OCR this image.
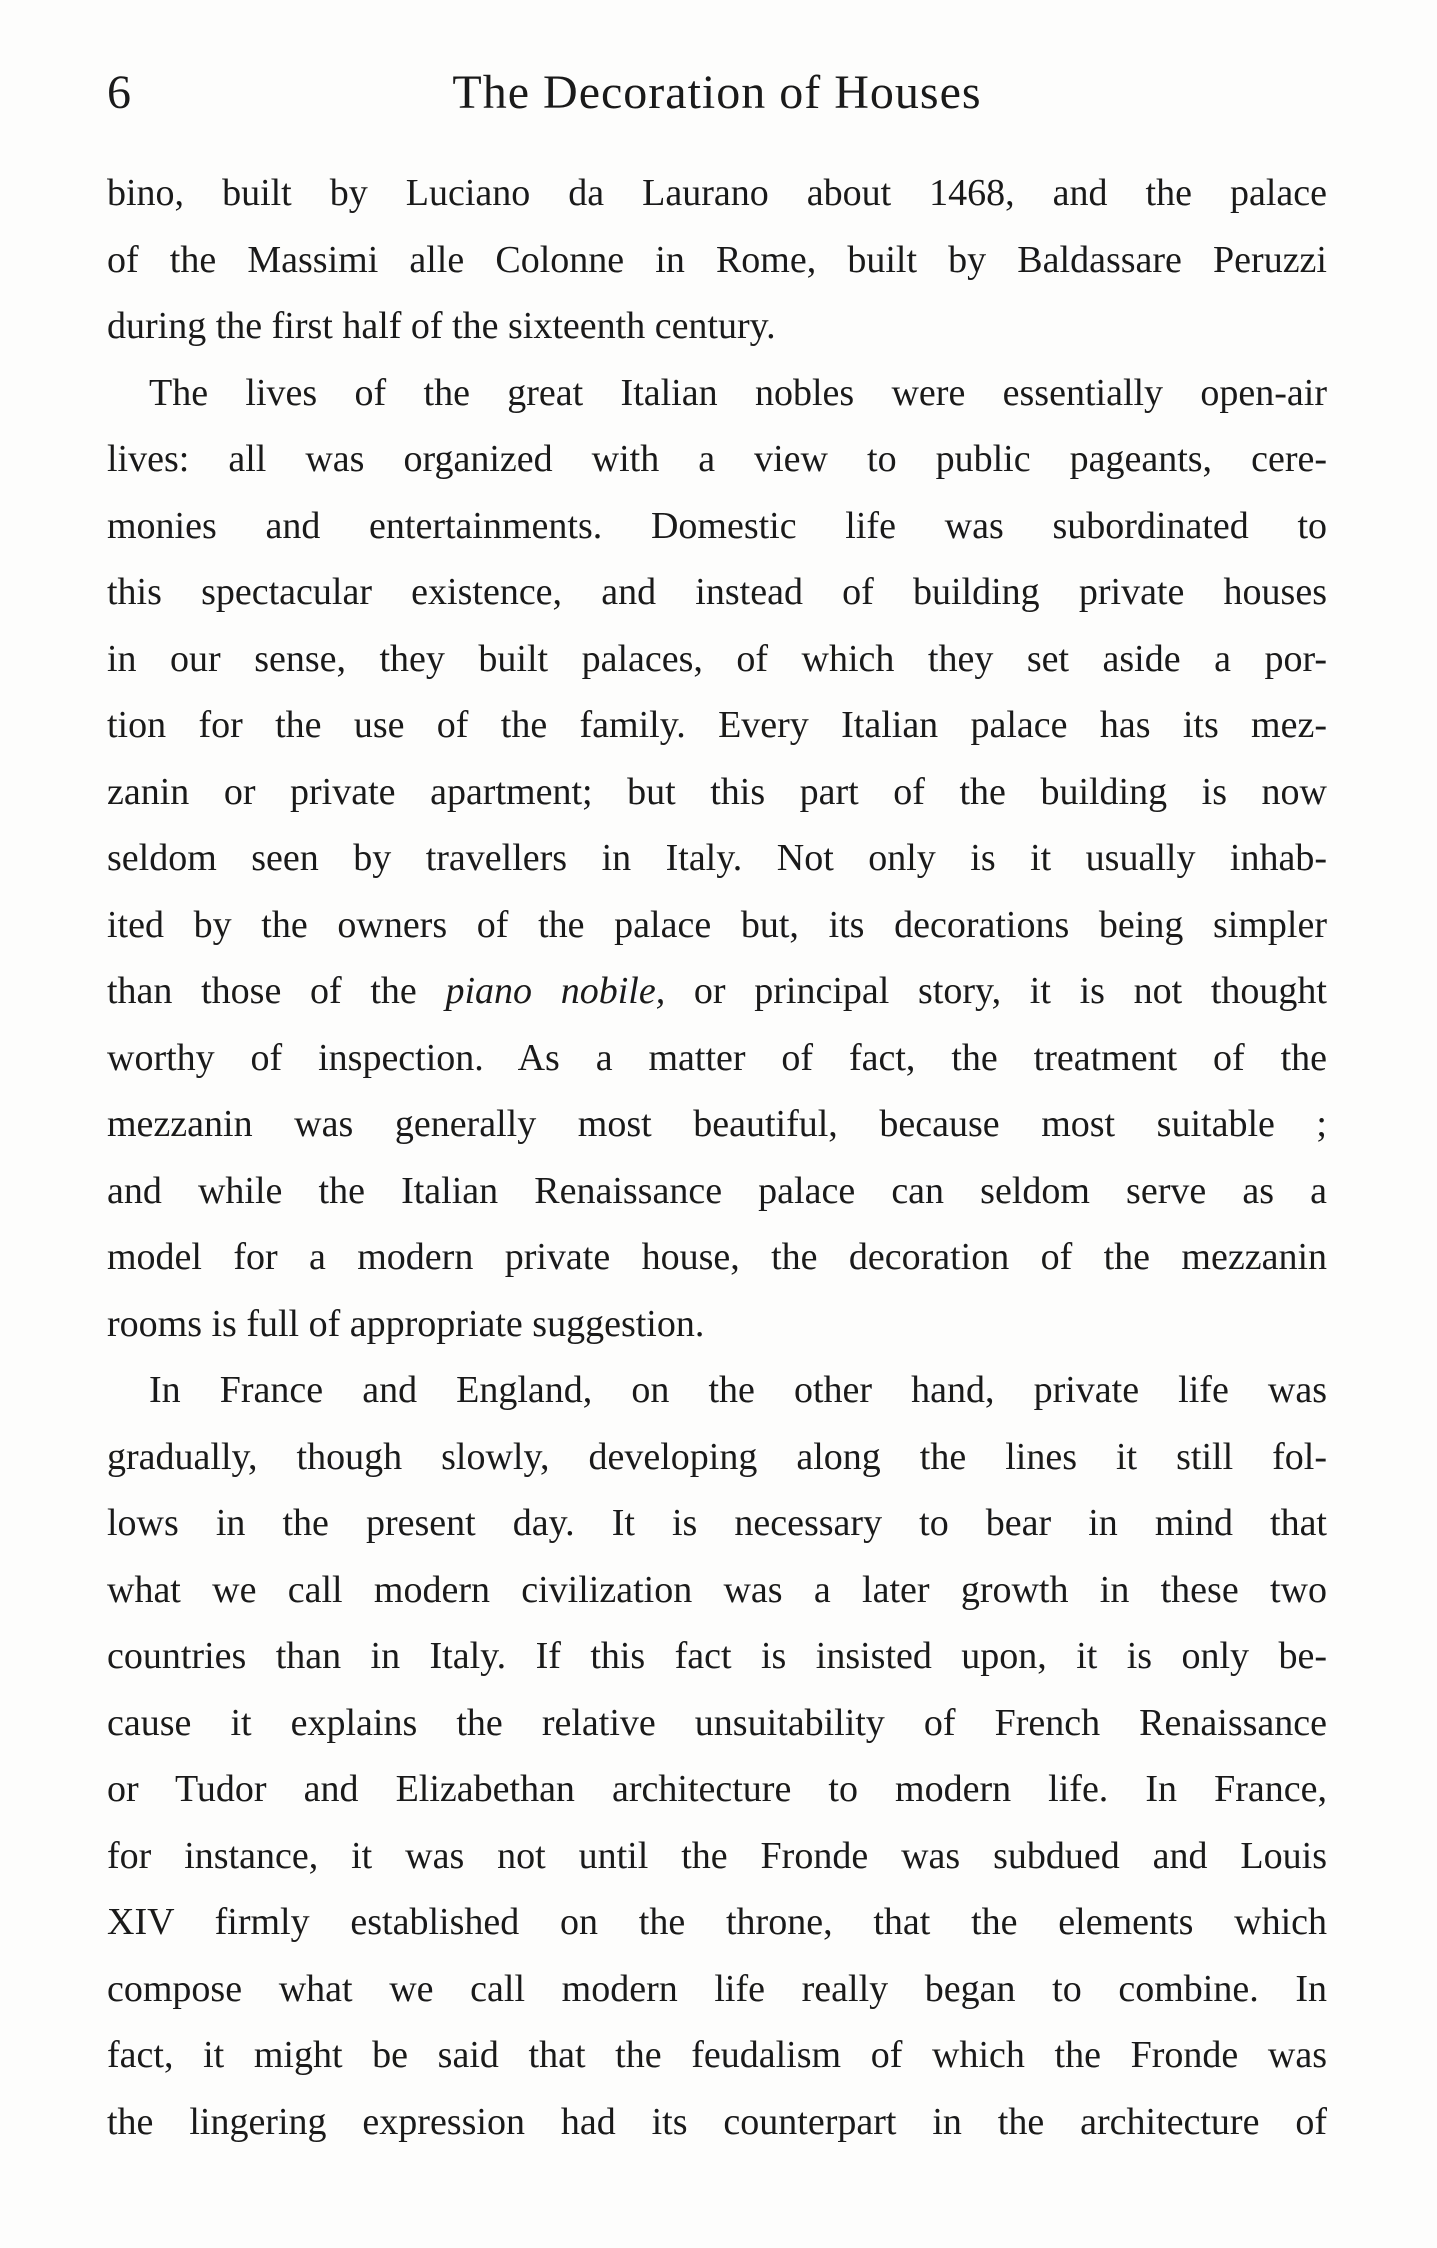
6	The Decoration of Houses
bino, built by Luciano da Laurano about 1468, and the palace
of the Massimi alle Colonne in Rome, built by Baldassare Peruzzi
during the first half of the sixteenth century.
The lives of the great Italian nobles were essentially open-air
lives: all was organized with a view to public pageants, cere-
monies and entertainments. Domestic life was subordinated to
this spectacular existence, and instead of building private houses
in our sense, they built palaces, of which they set aside a por-
tion for the use of the family. Every Italian palace has its mez-
zanin or private apartment; but this part of the building is now
seldom seen by travellers in Italy. Not only is it usually inhab-
ited by the owners of the palace but, its decorations being simpler
than those of the piano nobile, or principal story, it is not thought
worthy of inspection. As a matter of fact, the treatment of the
mezzanin was generally most beautiful, because most suitable ;
and while the Italian Renaissance palace can seldom serve as a
model for a modern private house, the decoration of the mezzanin
rooms is full of appropriate suggestion.
In France and England, on the other hand, private life was
gradually, though slowly, developing along the lines it still fol-
lows in the present day. It is necessary to bear in mind that
what we call modern civilization was a later growth in these two
countries than in Italy. If this fact is insisted upon, it is only be-
cause it explains the relative unsuitability of French Renaissance
or Tudor and Elizabethan architecture to modern life. In France,
for instance, it was not until the Fronde was subdued and Louis
XIV firmly established on the throne, that the elements which
compose what we call modern life really began to combine. In
fact, it might be said that the feudalism of which the Fronde was
the lingering expression had its counterpart in the architecture of
